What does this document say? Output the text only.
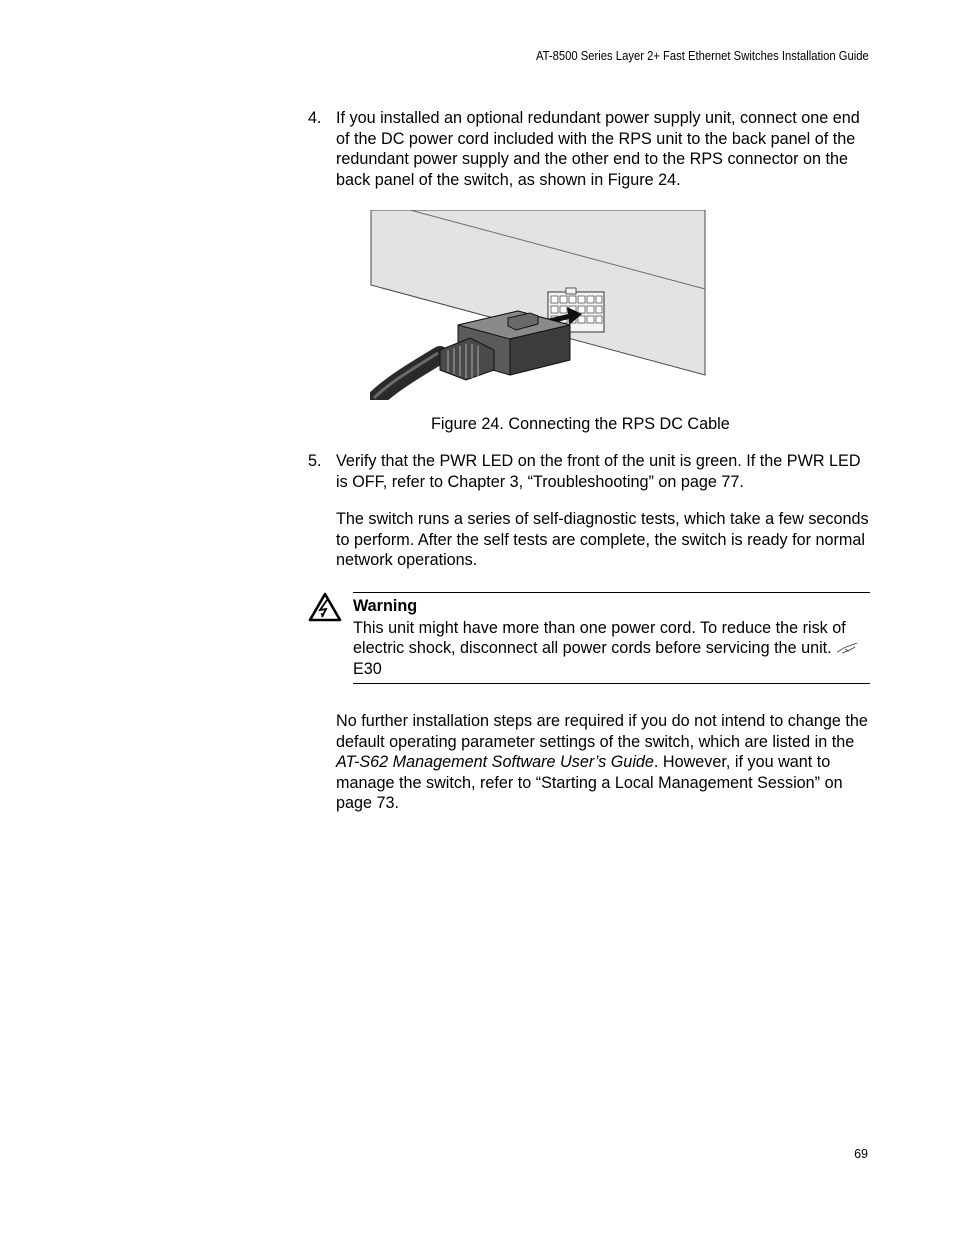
AT-8500 Series Layer 2+ Fast Ethernet Switches Installation Guide
4. If you installed an optional redundant power supply unit, connect one end of the DC power cord included with the RPS unit to the back panel of the redundant power supply and the other end to the RPS connector on the back panel of the switch, as shown in Figure 24.

Figure 24. Connecting the RPS DC Cable
5. Verify that the PWR LED on the front of the unit is green. If the PWR LED is OFF, refer to Chapter 3, “Troubleshooting” on page 77.

The switch runs a series of self-diagnostic tests, which take a few seconds to perform. After the self tests are complete, the switch is ready for normal network operations.

Warning

This unit might have more than one power cord. To reduce the risk of electric shock, disconnect all power cords before servicing the unit.  E30

No further installation steps are required if you do not intend to change the default operating parameter settings of the switch, which are listed in the AT-S62 Management Software User’s Guide. However, if you want to manage the switch, refer to “Starting a Local Management Session” on page 73.

69
